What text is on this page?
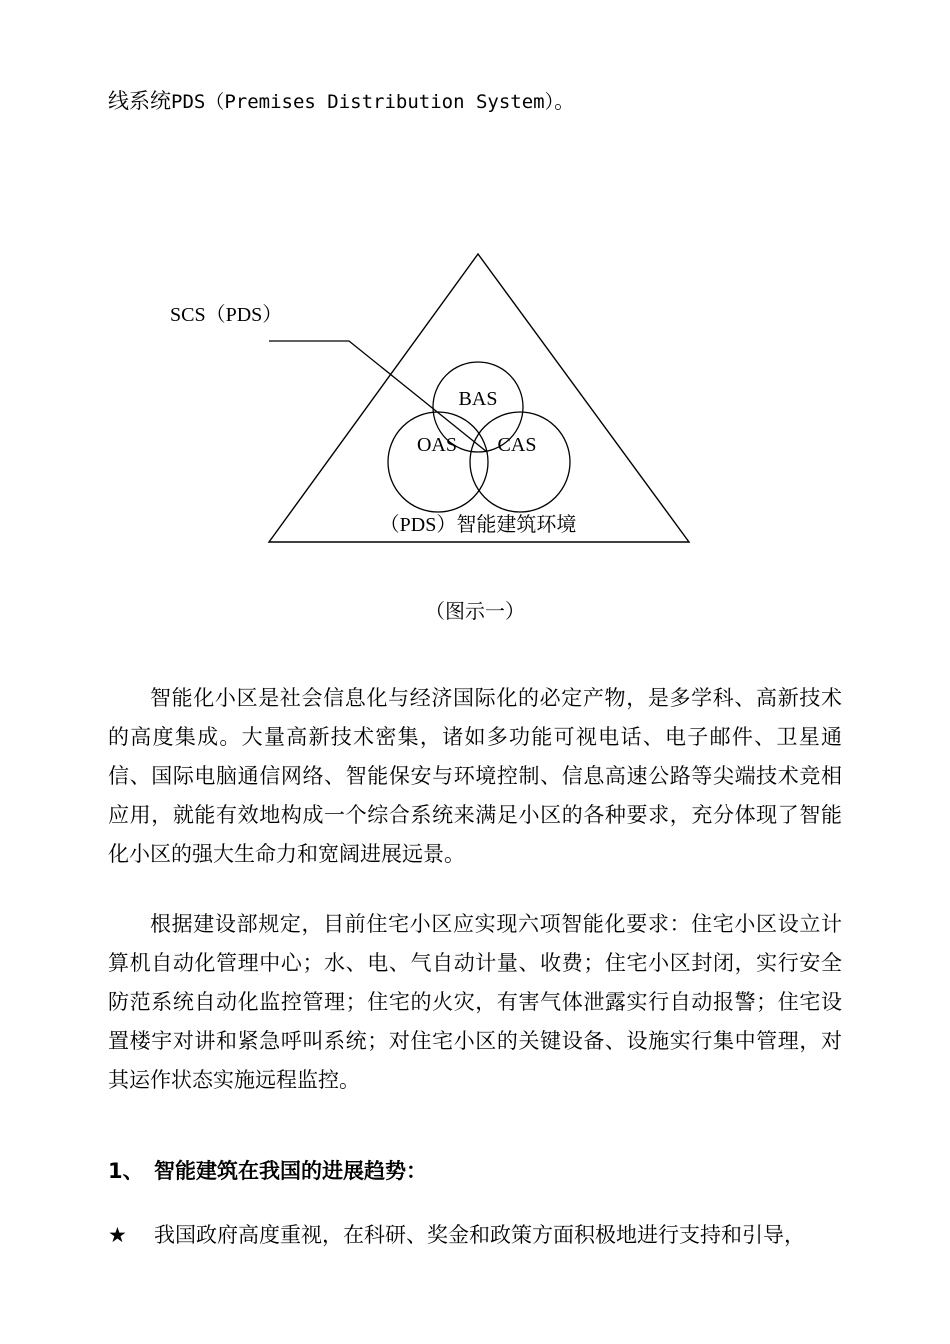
线系统PDS（Premises Distribution System）。
SCS（PDS）
BAS
OAS CAS
（PDS）智能建筑环境
（图示一）

智能化小区是社会信息化与经济国际化的必定产物，是多学科、高新技术的高度集成。大量高新技术密集，诸如多功能可视电话、电子邮件、卫星通信、国际电脑通信网络、智能保安与环境控制、信息高速公路等尖端技术竞相应用，就能有效地构成一个综合系统来满足小区的各种要求，充分体现了智能化小区的强大生命力和宽阔进展远景。

根据建设部规定，目前住宅小区应实现六项智能化要求：住宅小区设立计算机自动化管理中心；水、电、气自动计量、收费；住宅小区封闭，实行安全防范系统自动化监控管理；住宅的火灾，有害气体泄露实行自动报警；住宅设置楼宇对讲和紧急呼叫系统；对住宅小区的关键设备、设施实行集中管理，对其运作状态实施远程监控。

1、 智能建筑在我国的进展趋势：
★ 我国政府高度重视，在科研、奖金和政策方面积极地进行支持和引导，
